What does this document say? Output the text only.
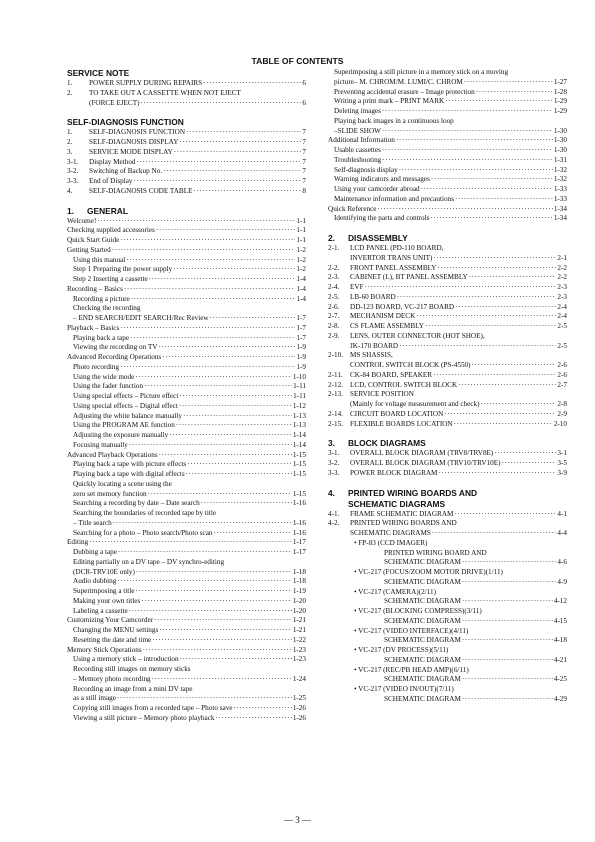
TABLE OF CONTENTS
SERVICE NOTE
1.	POWER SUPPLY DURING REPAIRS ·····	6
2.	TO TAKE OUT A CASSETTE WHEN NOT EJECT
(FORCE EJECT) ·····	6
SELF-DIAGNOSIS FUNCTION
1.	SELF-DIAGNOSIS FUNCTION ·····	7
2.	SELF-DIAGNOSIS DISPLAY ·····	7
3.	SERVICE MODE DISPLAY ·····	7
3-1.	Display Method ·····	7
3-2.	Switching of Backup No. ·····	7
3-3.	End of Display ·····	7
4.	SELF-DIAGNOSIS CODE TABLE ·····	8
1.	GENERAL
Welcome! ·····	1-1
Checking supplied accessories ·····	1-1
Quick Start Guide ·····	1-1
Getting Started ·····	1-2
Using this manual ·····	1-2
Step 1 Preparing the power supply ·····	1-2
Step 2 Inserting a cassette ·····	1-4
Recording – Basics ·····	1-4
Recording a picture ·····	1-4
Checking the recording
– END SEARCH/EDIT SEARCH/Rec Review ·····	1-7
Playback – Basics ·····	1-7
Playing back a tape ·····	1-7
Viewing the recording on TV ·····	1-9
Advanced Recording Operations ·····	1-9
Photo recording ·····	1-9
Using the wide mode ·····	1-10
Using the fader function ·····	1-11
Using special effects – Picture effect ·····	1-11
Using special effects – Digital effect ·····	1-12
Adjusting the white balance manually ·····	1-13
Using the PROGRAM AE function ·····	1-13
Adjusting the exposure manually ·····	1-14
Focusing manually ·····	1-14
Advanced Playback Operations ·····	1-15
Playing back a tape with picture effects ·····	1-15
Playing back a tape with digital effects ·····	1-15
Quickly locating a scene using the
zero set memory function ·····	1-15
Searching a recording by date – Date search ·····	1-16
Searching the boundaries of recorded tape by title
– Title search ·····	1-16
Searching for a photo – Photo search/Photo scan ·····	1-16
Editing ·····	1-17
Dubbing a tape ·····	1-17
Editing partially on a DV tape – DV synchro-editing
(DCR-TRV10E only) ·····	1-18
Audio dubbing ·····	1-18
Superimposing a title ·····	1-19
Making your own titles ·····	1-20
Labeling a cassette ·····	1-20
Customizing Your Camcorder ·····	1-21
Changing the MENU settings ·····	1-21
Resetting the date and time ·····	1-22
Memory Stick Operations ·····	1-23
Using a memory stick – introduction ·····	1-23
Recording still images on memory sticks
– Memory photo recording ·····	1-24
Recording an image from a mini DV tape
as a still image ·····	1-25
Copying still images from a recorded tape – Photo save ·····	1-26
Viewing a still picture – Memory photo playback ·····	1-26
Superimposing a still picture in a memory stick on a moving
picture– M. CHROM/M. LUMI/C. CHROM ·····	1-27
Preventing accidental erasure – Image protection ·····	1-28
Writing a print mark – PRINT MARK ·····	1-29
Deleting images ·····	1-29
Playing back images in a continuous loop
–SLIDE SHOW ·····	1-30
Additional Information ·····	1-30
Usable cassettes ·····	1-30
Troubleshooting ·····	1-31
Self-diagnosis display ·····	1-32
Warning indicators and messages ·····	1-32
Using your camcorder abroad ·····	1-33
Maintenance information and precautions ·····	1-33
Quick Reference ·····	1-34
Identifying the parts and controls ·····	1-34
2.	DISASSEMBLY
2-1.	LCD PANEL (PD-110 BOARD,
INVERTOR TRANS UNIT) ·····	2-1
2-2.	FRONT PANEL ASSEMBLY ·····	2-2
2-3.	CABINET (L), BT PANEL ASSEMBLY ·····	2-2
2-4.	EVF ·····	2-3
2-5.	LB-60 BOARD ·····	2-3
2-6.	DD-123 BOARD, VC-217 BOARD ·····	2-4
2-7.	MECHANISM DECK ·····	2-4
2-8.	CS FLAME ASSEMBLY ·····	2-5
2-9.	LENS, OUTER CONNECTOR (HOT SHOE),
JK-170 BOARD ·····	2-5
2-10. MS SHASSIS,
CONTROL SWITCH BLOCK (PS-4550) ·····	2-6
2-11.	CK-84 BOARD, SPEAKER ·····	2-6
2-12. LCD, CONTROL SWITCH BLOCK ·····	2-7
2-13. SERVICE POSITION
(Mainly for voltage measurement and check) ·····	2-8
2-14. CIRCUIT BOARD LOCATION ·····	2-9
2-15. FLEXIBLE BOARDS LOCATION ·····	2-10
3.	BLOCK DIAGRAMS
3-1.	OVERALL BLOCK DIAGRAM (TRV8/TRV8E) ·····	3-1
3-2.	OVERALL BLOCK DIAGRAM (TRV10/TRV10E) ·····	3-5
3-3.	POWER BLOCK DIAGRAM ·····	3-9
4.	PRINTED WIRING BOARDS AND
SCHEMATIC DIAGRAMS
4-1.	FRAME SCHEMATIC DIAGRAM ·····	4-1
4-2.	PRINTED WIRING BOARDS AND
SCHEMATIC DIAGRAMS ·····	4-4
• FP-83 (CCD IMAGER)
PRINTED WIRING BOARD AND
SCHEMATIC DIAGRAM ·····	4-6
• VC-217 (FOCUS/ZOOM MOTOR DRIVE)(1/11)
SCHEMATIC DIAGRAM ·····	4-9
• VC-217 (CAMERA)(2/11)
SCHEMATIC DIAGRAM ·····	4-12
• VC-217 (BLOCKING COMPRESS)(3/11)
SCHEMATIC DIAGRAM ·····	4-15
• VC-217 (VIDEO INTERFACE)(4/11)
SCHEMATIC DIAGRAM ·····	4-18
• VC-217 (DV PROCESS)(5/11)
SCHEMATIC DIAGRAM ·····	4-21
• VC-217 (REC/PB HEAD AMP)(6/11)
SCHEMATIC DIAGRAM ·····	4-25
• VC-217 (VIDEO IN/OUT)(7/11)
SCHEMATIC DIAGRAM ·····	4-29
— 3 —
